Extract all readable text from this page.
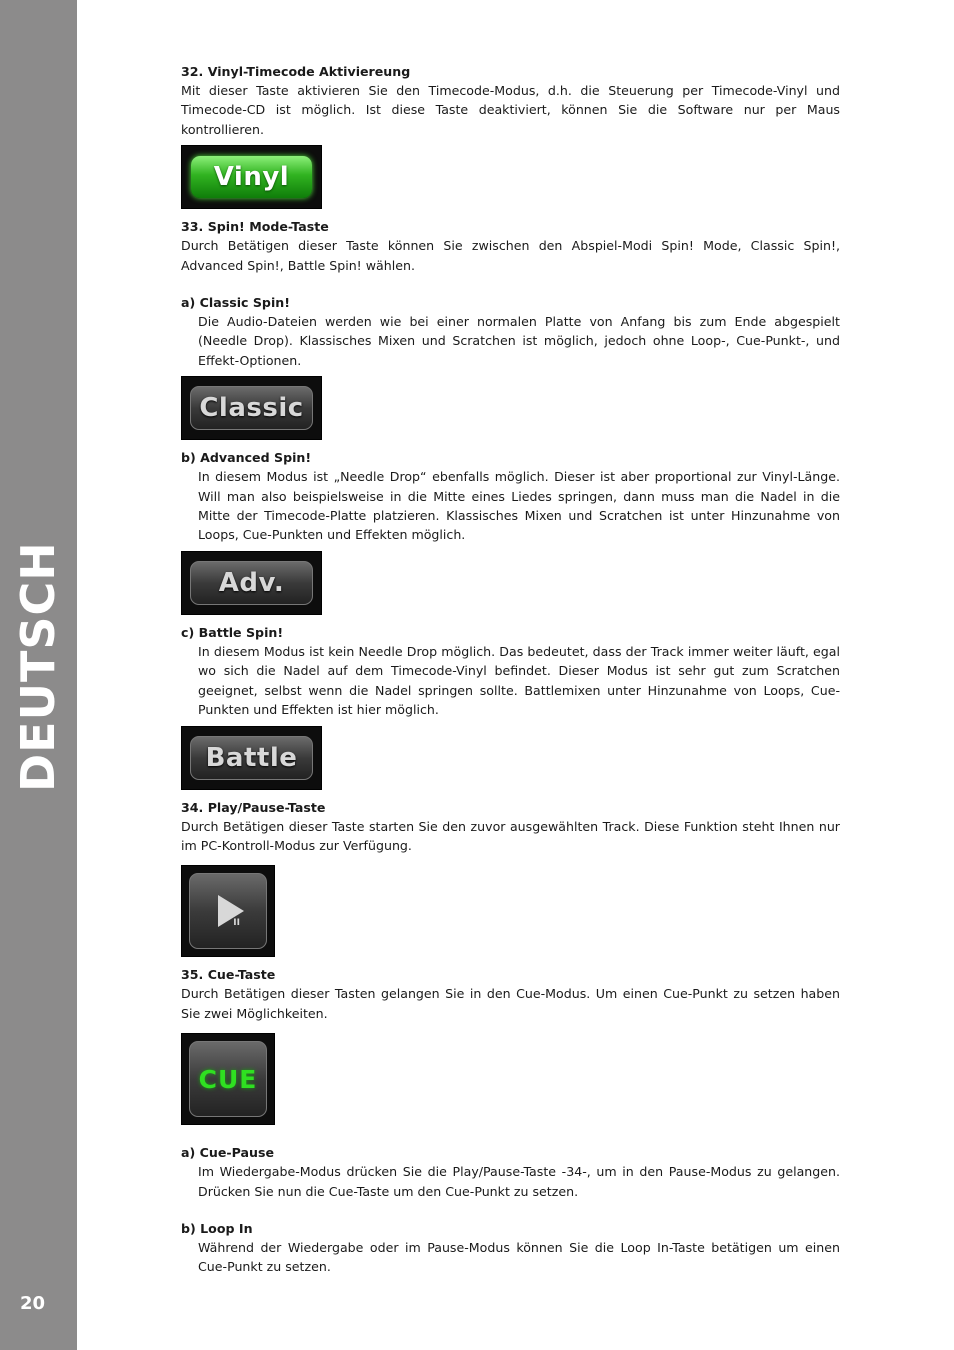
DEUTSCH
20
32. Vinyl-Timecode Aktiviereung

Mit dieser Taste aktivieren Sie den Timecode-Modus, d.h. die Steuerung per Timecode-Vinyl und Timecode-CD ist möglich. Ist diese Taste deaktiviert, können Sie die Software nur per Maus kontrollieren.

Vinyl
33. Spin! Mode-Taste

Durch Betätigen dieser Taste können Sie zwischen den Abspiel-Modi Spin! Mode, Classic Spin!, Advanced Spin!, Battle Spin! wählen.

a) Classic Spin!

Die Audio-Dateien werden wie bei einer normalen Platte von Anfang bis zum Ende abgespielt (Needle Drop). Klassisches Mixen und Scratchen ist möglich, jedoch ohne Loop-, Cue-Punkt-, und Effekt-Optionen.

Classic
b) Advanced Spin!

In diesem Modus ist „Needle Drop“ ebenfalls möglich. Dieser ist aber proportional zur Vinyl-Länge. Will man also beispielsweise in die Mitte eines Liedes springen, dann muss man die Nadel in die Mitte der Timecode-Platte platzieren. Klassisches Mixen und Scratchen ist unter Hinzunahme von Loops, Cue-Punkten und Effekten möglich.

Adv.
c) Battle Spin!

In diesem Modus ist kein Needle Drop möglich. Das bedeutet, dass der Track immer weiter läuft, egal wo sich die Nadel auf dem Timecode-Vinyl befindet. Dieser Modus ist sehr gut zum Scratchen geeignet, selbst wenn die Nadel springen sollte. Battlemixen unter Hinzunahme von Loops, Cue-Punkten und Effekten ist hier möglich.

Battle
34. Play/Pause-Taste

Durch Betätigen dieser Taste starten Sie den zuvor ausgewählten Track. Diese Funktion steht Ihnen nur im PC-Kontroll-Modus zur Verfügung.

II
35. Cue-Taste

Durch Betätigen dieser Tasten gelangen Sie in den Cue-Modus. Um einen Cue-Punkt zu setzen haben Sie zwei Möglichkeiten.

CUE
a) Cue-Pause

Im Wiedergabe-Modus drücken Sie die Play/Pause-Taste -34-, um in den Pause-Modus zu gelangen. Drücken Sie nun die Cue-Taste um den Cue-Punkt zu setzen.

b) Loop In

Während der Wiedergabe oder im Pause-Modus können Sie die Loop In-Taste betätigen um einen Cue-Punkt zu setzen.
